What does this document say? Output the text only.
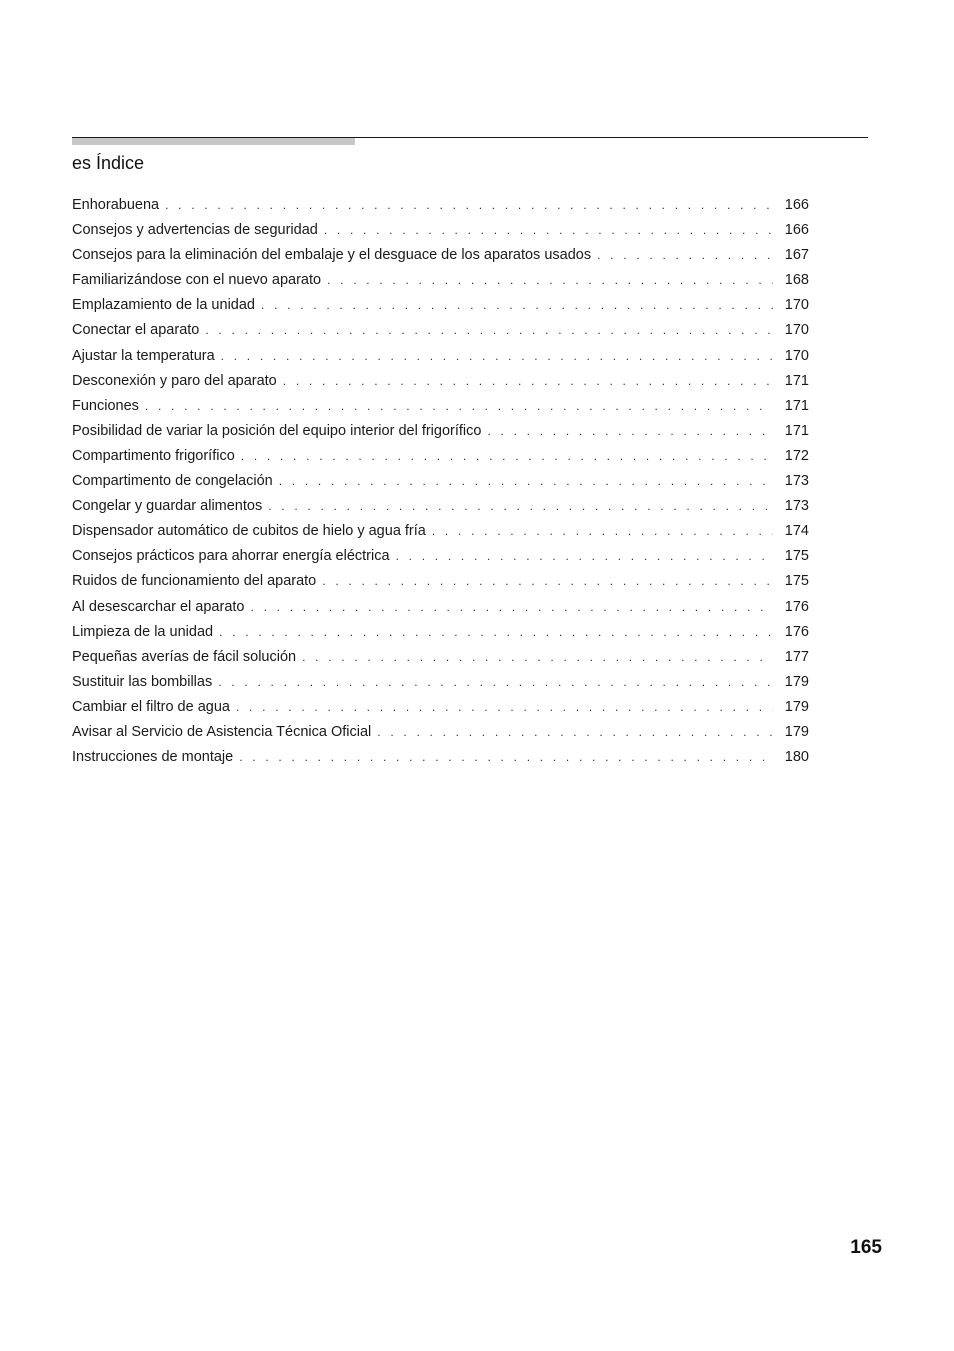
es Índice
Enhorabuena . . .	166
Consejos y advertencias de seguridad . . .	166
Consejos para la eliminación del embalaje y el desguace de los aparatos usados . . .	167
Familiarizándose con el nuevo aparato . . .	168
Emplazamiento de la unidad . . .	170
Conectar el aparato . . .	170
Ajustar la temperatura . . .	170
Desconexión y paro del aparato . . .	171
Funciones . . .	171
Posibilidad de variar la posición del equipo interior del frigorífico . . .	171
Compartimento frigorífico . . .	172
Compartimento de congelación . . .	173
Congelar y guardar alimentos . . .	173
Dispensador automático de cubitos de hielo y agua fría . . .	174
Consejos prácticos para ahorrar energía eléctrica . . .	175
Ruidos de funcionamiento del aparato . . .	175
Al desescarchar el aparato . . .	176
Limpieza de la unidad . . .	176
Pequeñas averías de fácil solución . . .	177
Sustituir las bombillas . . .	179
Cambiar el filtro de agua . . .	179
Avisar al Servicio de Asistencia Técnica Oficial . . .	179
Instrucciones de montaje . . .	180
165
